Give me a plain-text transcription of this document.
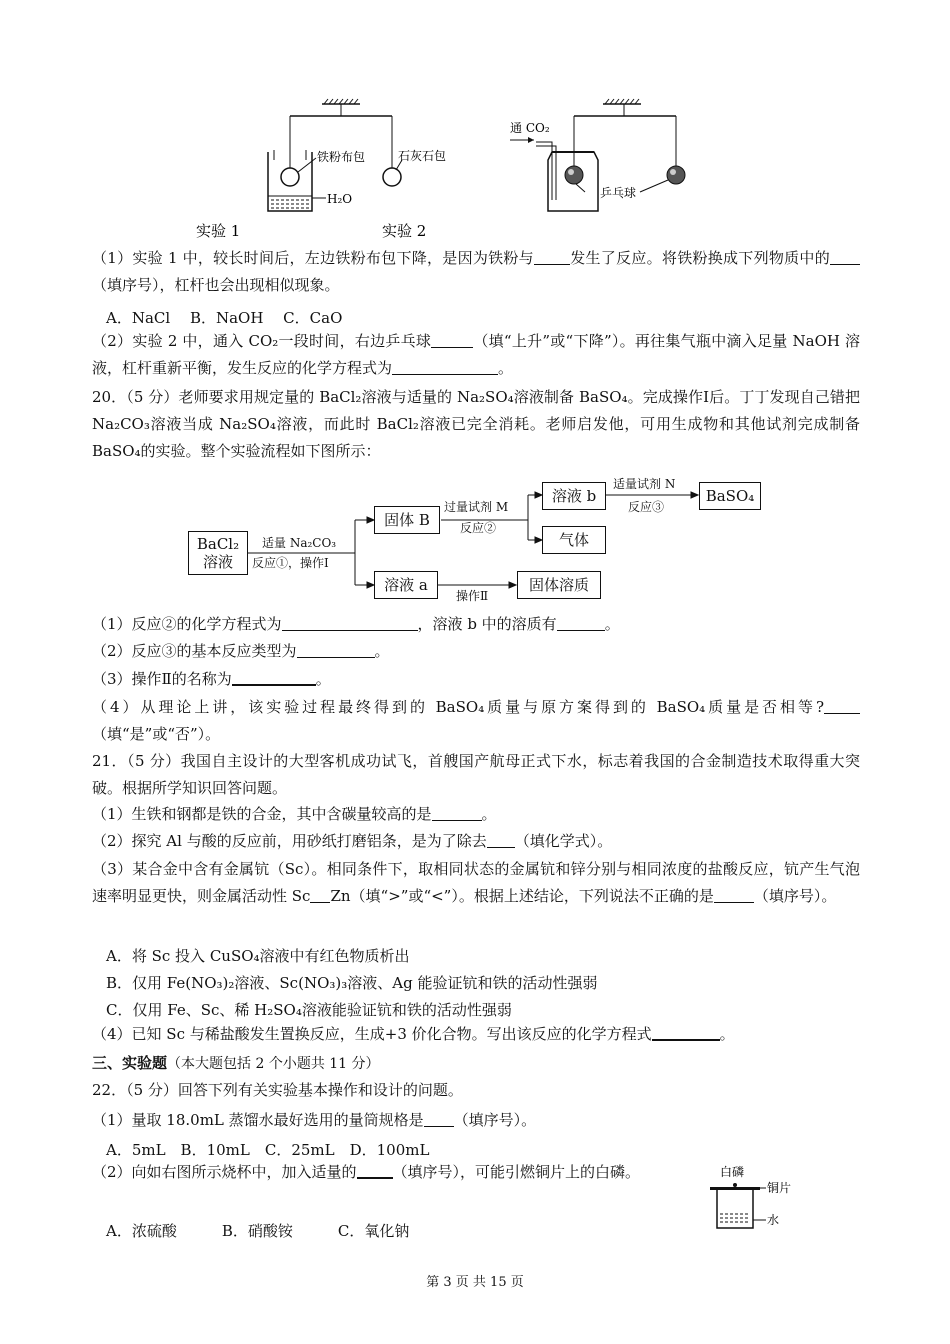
铁粉布包	石灰石包
H₂O
实验 1
通 CO₂
乒乓球
实验 2
（1）实验 1 中，较长时间后，左边铁粉布包下降，是因为铁粉与 发生了反应。将铁粉换成下列物质中的（填序号），杠杆也会出现相似现象。
A．NaCl　 B．NaOH　 C．CaO
（2）实验 2 中，通入 CO₂一段时间，右边乒乓球	（填“上升”或“下降”）。再往集气瓶中滴入足量 NaOH 溶液，杠杆重新平衡，发生反应的化学方程式为	。
20．（5 分）老师要求用规定量的 BaCl₂溶液与适量的 Na₂SO₄溶液制备 BaSO₄。完成操作Ⅰ后。丁丁发现自己错把 Na₂CO₃溶液当成 Na₂SO₄溶液，而此时 BaCl₂溶液已完全消耗。老师启发他，可用生成物和其他试剂完成制备 BaSO₄的实验。整个实验流程如下图所示：
BaCl₂
溶液
适量 Na₂CO₃
反应①，操作Ⅰ
固体 B
溶液 a
过量试剂 M
反应②
溶液 b
气体
操作Ⅱ
固体溶质
适量试剂 N
反应③
BaSO₄
（1）反应②的化学方程式为	，溶液 b 中的溶质有	。
（2）反应③的基本反应类型为	。
（3）操作Ⅱ的名称为	。
（4）从理论上讲，该实验过程最终得到的 BaSO₄质量与原方案得到的 BaSO₄质量是否相等?（填“是”或“否”）。
21．（5 分）我国自主设计的大型客机成功试飞，首艘国产航母正式下水，标志着我国的合金制造技术取得重大突破。根据所学知识回答问题。
（1）生铁和钢都是铁的合金，其中含碳量较高的是	。
（2）探究 Al 与酸的反应前，用砂纸打磨铝条，是为了除去 （填化学式）。
（3）某合金中含有金属钪（Sc）。相同条件下，取相同状态的金属钪和锌分别与相同浓度的盐酸反应，钪产生气泡速率明显更快，则金属活动性 Sc Zn（填“>”或“<”）。根据上述结论，下列说法不正确的是	（填序号）。
A．将 Sc 投入 CuSO₄溶液中有红色物质析出
B．仅用 Fe(NO₃)₂溶液、Sc(NO₃)₃溶液、Ag 能验证钪和铁的活动性强弱
C．仅用 Fe、Sc、稀 H₂SO₄溶液能验证钪和铁的活动性强弱
（4）已知 Sc 与稀盐酸发生置换反应，生成+3 价化合物。写出该反应的化学方程式	。
三、实验题（本大题包括 2 个小题共 11 分）
22．（5 分）回答下列有关实验基本操作和设计的问题。
（1）量取 18.0mL 蒸馏水最好选用的量筒规格是 （填序号）。
A．5mL　B．10mL　C．25mL　D．100mL
（2）向如右图所示烧杯中，加入适量的 （填序号），可能引燃铜片上的白磷。
A．浓硫酸　　　B．硝酸铵　　　C．氧化钠
白磷
铜片
水
第 3 页 共 15 页
